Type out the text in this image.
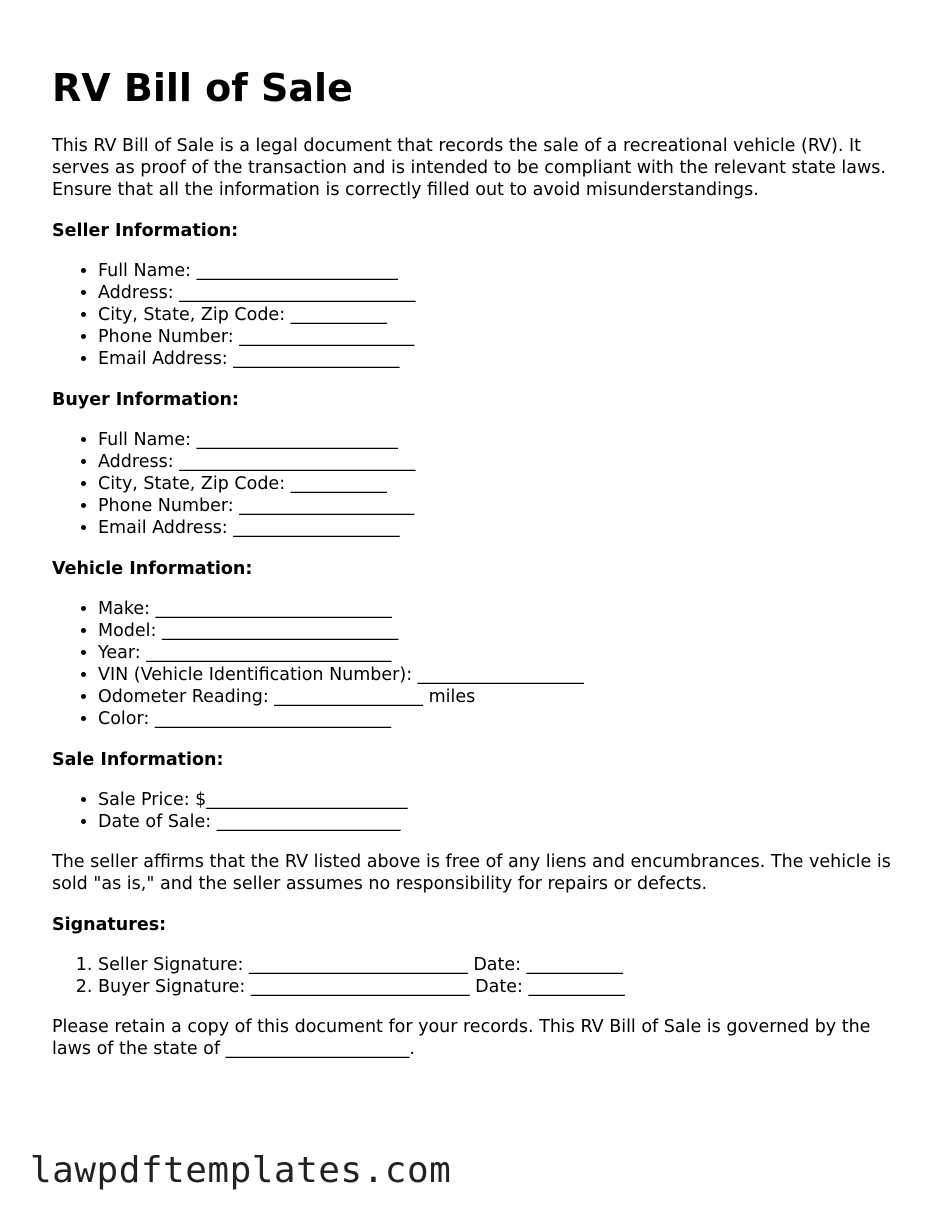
RV Bill of Sale

This RV Bill of Sale is a legal document that records the sale of a recreational vehicle (RV). It serves as proof of the transaction and is intended to be compliant with the relevant state laws. Ensure that all the information is correctly filled out to avoid misunderstandings.

Seller Information:
• Full Name: _______________________
• Address: ___________________________
• City, State, Zip Code: ___________
• Phone Number: ____________________
• Email Address: ___________________
Buyer Information:
• Full Name: _______________________
• Address: ___________________________
• City, State, Zip Code: ___________
• Phone Number: ____________________
• Email Address: ___________________
Vehicle Information:
• Make: ___________________________
• Model: ___________________________
• Year: ____________________________
• VIN (Vehicle Identification Number): ___________________
• Odometer Reading: _________________ miles
• Color: ___________________________
Sale Information:
• Sale Price: $_______________________
• Date of Sale: _____________________

The seller affirms that the RV listed above is free of any liens and encumbrances. The vehicle is sold "as is," and the seller assumes no responsibility for repairs or defects.

Signatures:
1. Seller Signature: _________________________ Date: ___________
2. Buyer Signature: _________________________ Date: ___________

Please retain a copy of this document for your records. This RV Bill of Sale is governed by the laws of the state of _____________________.

lawpdftemplates.com
